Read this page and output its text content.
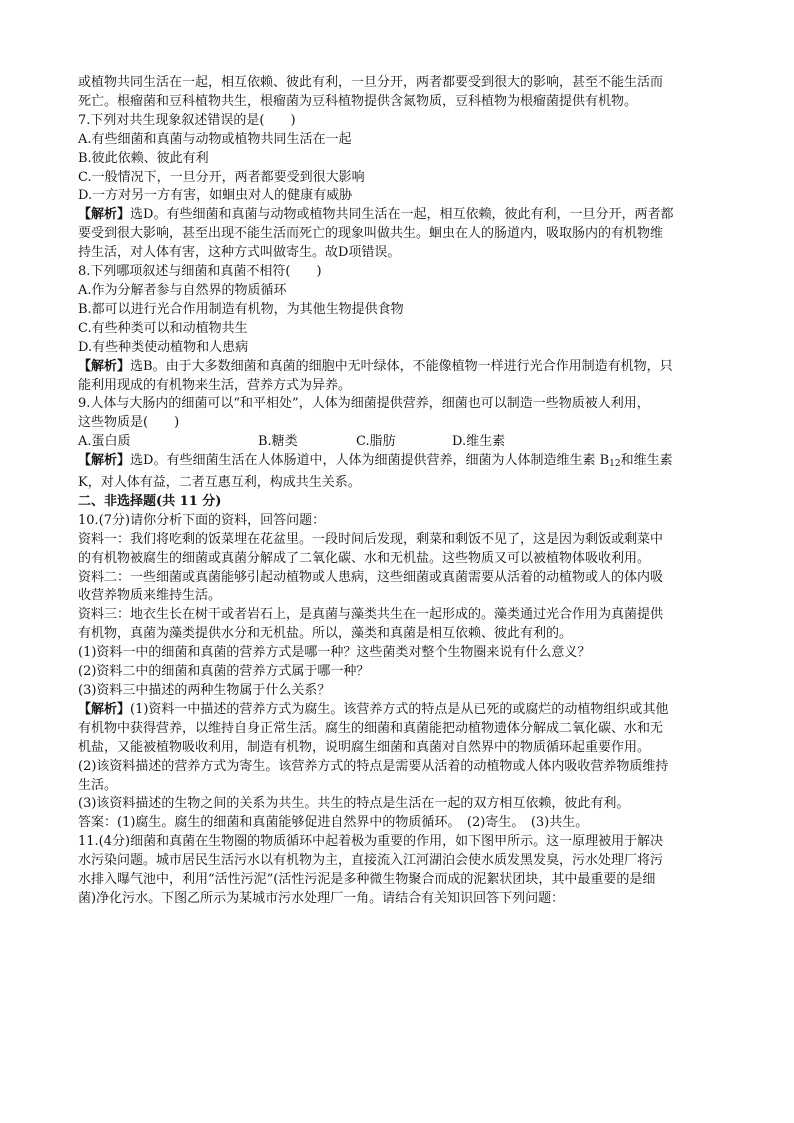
或植物共同生活在一起，相互依赖、彼此有利，一旦分开，两者都要受到很大的影响，甚至不能生活而

死亡。根瘤菌和豆科植物共生，根瘤菌为豆科植物提供含氮物质，豆科植物为根瘤菌提供有机物。

7.下列对共生现象叙述错误的是(　　)

A.有些细菌和真菌与动物或植物共同生活在一起

B.彼此依赖、彼此有利

C.一般情况下，一旦分开，两者都要受到很大影响

D.一方对另一方有害，如蛔虫对人的健康有威胁

【解析】选D。有些细菌和真菌与动物或植物共同生活在一起，相互依赖，彼此有利，一旦分开，两者都

要受到很大影响，甚至出现不能生活而死亡的现象叫做共生。蛔虫在人的肠道内，吸取肠内的有机物维

持生活，对人体有害，这种方式叫做寄生。故D项错误。

8.下列哪项叙述与细菌和真菌不相符(　　)

A.作为分解者参与自然界的物质循环

B.都可以进行光合作用制造有机物，为其他生物提供食物

C.有些种类可以和动植物共生

D.有些种类使动植物和人患病

【解析】选B。由于大多数细菌和真菌的细胞中无叶绿体，不能像植物一样进行光合作用制造有机物，只

能利用现成的有机物来生活，营养方式为异养。

9.人体与大肠内的细菌可以“和平相处”，人体为细菌提供营养，细菌也可以制造一些物质被人利用，

这些物质是(　　)

A.蛋白质	B.糖类	C.脂肪	D.维生素

【解析】选D。有些细菌生活在人体肠道中，人体为细菌提供营养，细菌为人体制造维生素 $B_{12}$和维生素

K，对人体有益，二者互惠互利，构成共生关系。

二、非选择题(共 11 分)

10.(7分)请你分析下面的资料，回答问题：

资料一：我们将吃剩的饭菜埋在花盆里。一段时间后发现，剩菜和剩饭不见了，这是因为剩饭或剩菜中

的有机物被腐生的细菌或真菌分解成了二氧化碳、水和无机盐。这些物质又可以被植物体吸收利用。

资料二：一些细菌或真菌能够引起动植物或人患病，这些细菌或真菌需要从活着的动植物或人的体内吸

收营养物质来维持生活。

资料三：地衣生长在树干或者岩石上，是真菌与藻类共生在一起形成的。藻类通过光合作用为真菌提供

有机物，真菌为藻类提供水分和无机盐。所以，藻类和真菌是相互依赖、彼此有利的。

(1)资料一中的细菌和真菌的营养方式是哪一种？这些菌类对整个生物圈来说有什么意义？

(2)资料二中的细菌和真菌的营养方式属于哪一种？

(3)资料三中描述的两种生物属于什么关系？

【解析】(1)资料一中描述的营养方式为腐生。该营养方式的特点是从已死的或腐烂的动植物组织或其他

有机物中获得营养，以维持自身正常生活。腐生的细菌和真菌能把动植物遗体分解成二氧化碳、水和无

机盐，又能被植物吸收利用，制造有机物，说明腐生细菌和真菌对自然界中的物质循环起重要作用。

(2)该资料描述的营养方式为寄生。该营养方式的特点是需要从活着的动植物或人体内吸收营养物质维持

生活。

(3)该资料描述的生物之间的关系为共生。共生的特点是生活在一起的双方相互依赖，彼此有利。

答案：(1)腐生。腐生的细菌和真菌能够促进自然界中的物质循环。　(2)寄生。　(3)共生。

11.(4分)细菌和真菌在生物圈的物质循环中起着极为重要的作用，如下图甲所示。这一原理被用于解决

水污染问题。城市居民生活污水以有机物为主，直接流入江河湖泊会使水质发黑发臭，污水处理厂将污

水排入曝气池中，利用“活性污泥”(活性污泥是多种微生物聚合而成的泥絮状团块，其中最重要的是细

菌)净化污水。下图乙所示为某城市污水处理厂一角。请结合有关知识回答下列问题：
